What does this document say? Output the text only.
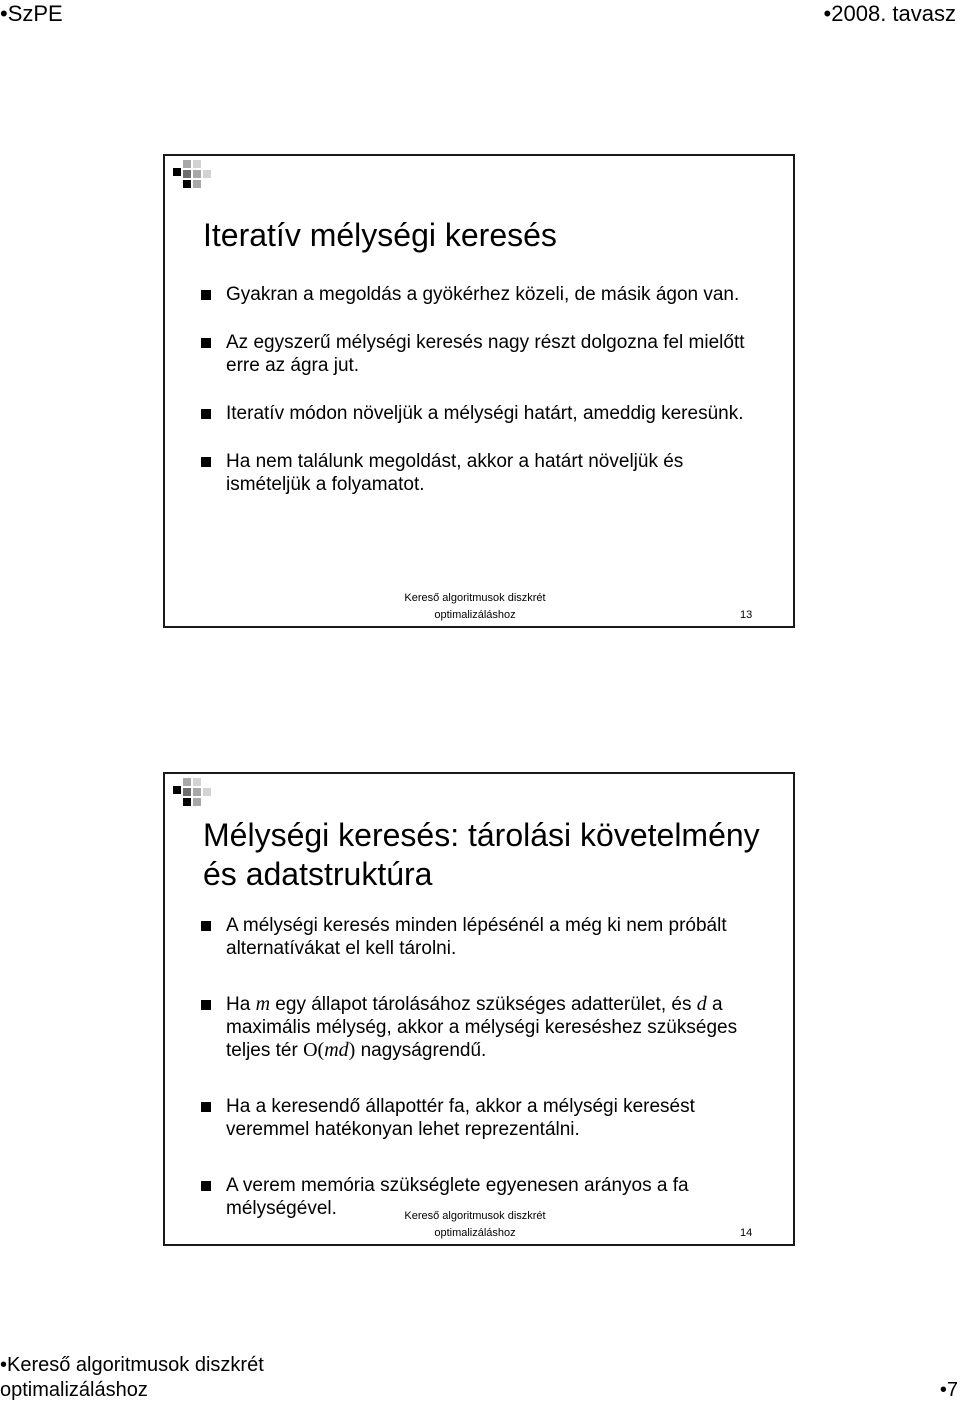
•SzPE	•2008. tavasz
Iteratív mélységi keresés
Gyakran a megoldás a gyökérhez közeli, de másik ágon van.
Az egyszerű mélységi keresés nagy részt dolgozna fel mielőtt erre az ágra jut.
Iteratív módon növeljük a mélységi határt, ameddig keresünk.
Ha nem találunk megoldást, akkor a határt növeljük és ismételjük a folyamatot.
Kereső algoritmusok diszkrét
optimalizáláshoz	13
Mélységi keresés: tárolási követelmény
és adatstruktúra
A mélységi keresés minden lépésénél a még ki nem próbált alternatívákat el kell tárolni.
Ha m egy állapot tárolásához szükséges adatterület, és d a maximális mélység, akkor a mélységi kereséshez szükséges teljes tér O(md) nagyságrendű.
Ha a keresendő állapottér fa, akkor a mélységi keresést veremmel hatékonyan lehet reprezentálni.
A verem memória szükséglete egyenesen arányos a fa mélységével.	Kereső algoritmusok diszkrét
optimalizáláshoz	14
•Kereső algoritmusok diszkrét
optimalizáláshoz	•7
